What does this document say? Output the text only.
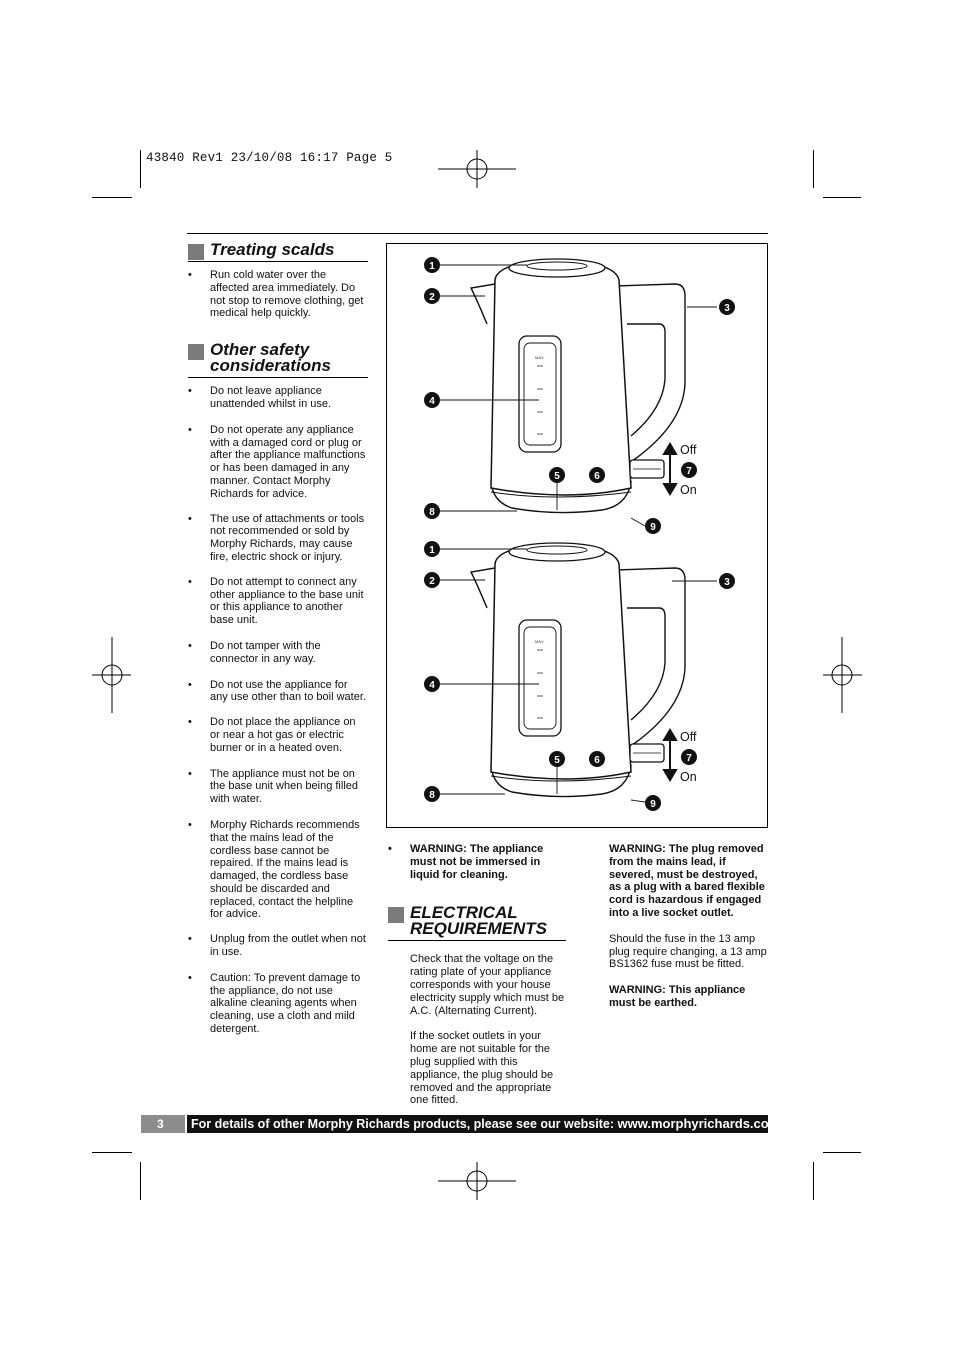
43840 Rev1 23/10/08 16:17 Page 5
Treating scalds
• Run cold water over the affected area immediately. Do not stop to remove clothing, get medical help quickly.
Other safety
considerations
• Do not leave appliance unattended whilst in use.
• Do not operate any appliance with a damaged cord or plug or after the appliance malfunctions or has been damaged in any manner. Contact Morphy Richards for advice.
• The use of attachments or tools not recommended or sold by Morphy Richards, may cause fire, electric shock or injury.
• Do not attempt to connect any other appliance to the base unit or this appliance to another base unit.
• Do not tamper with the connector in any way.
• Do not use the appliance for any use other than to boil water.
• Do not place the appliance on or near a hot gas or electric burner or in a heated oven.
• The appliance must not be on the base unit when being filled with water.
• Morphy Richards recommends that the mains lead of the cordless base cannot be repaired. If the mains lead is damaged, the cordless base should be discarded and replaced, contact the helpline for advice.
• Unplug from the outlet when not in use.
• Caution: To prevent damage to the appliance, do not use alkaline cleaning agents when cleaning, use a cloth and mild detergent.
Off
On
Off
On
1
2
3
4
5	6	7
8
9
1
2	3
4
5	6	7
8
9
• WARNING: The appliance must not be immersed in liquid for cleaning.
ELECTRICAL
REQUIREMENTS
Check that the voltage on the rating plate of your appliance corresponds with your house electricity supply which must be A.C. (Alternating Current).
If the socket outlets in your home are not suitable for the plug supplied with this appliance, the plug should be removed and the appropriate one fitted.
WARNING: The plug removed from the mains lead, if severed, must be destroyed, as a plug with a bared flexible cord is hazardous if engaged into a live socket outlet.
Should the fuse in the 13 amp plug require changing, a 13 amp BS1362 fuse must be fitted.
WARNING: This appliance must be earthed.
3	For details of other Morphy Richards products, please see our website: www.morphyrichards.com
